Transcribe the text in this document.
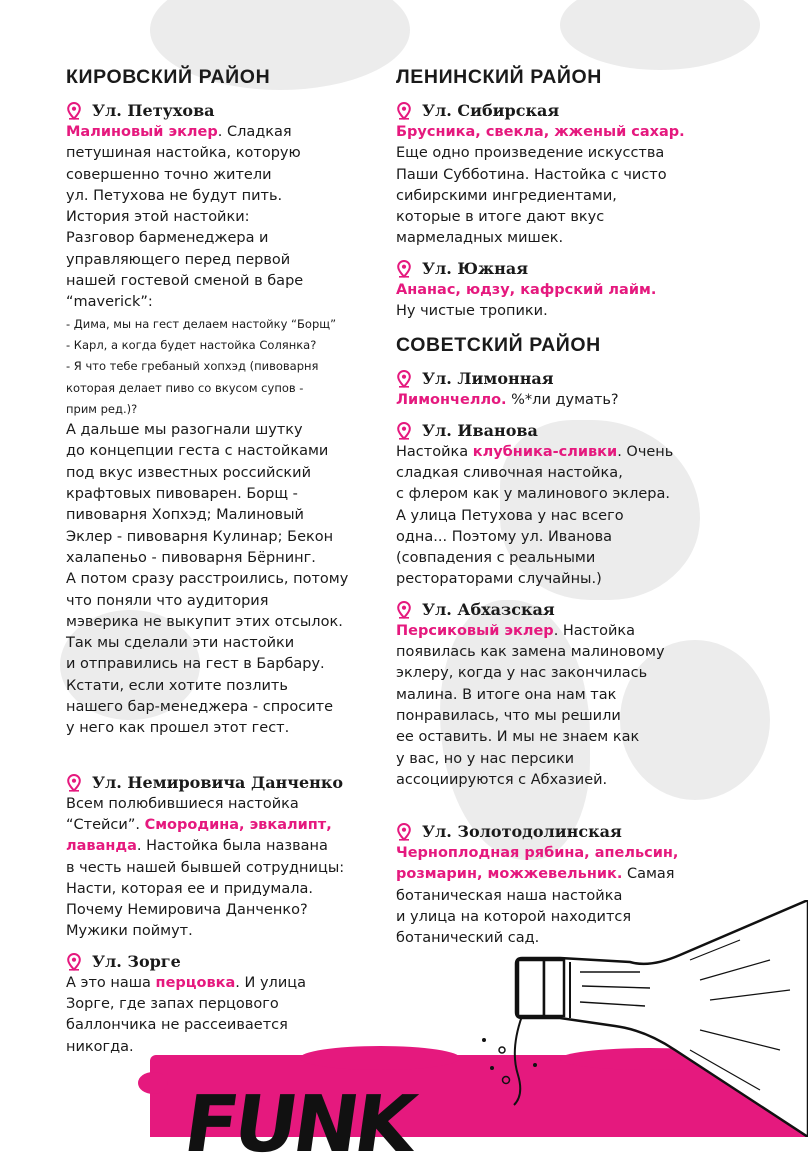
КИРОВСКИЙ РАЙОН
Ул. Петухова

Малиновый эклер. Сладкая

петушиная настойка, которую

совершенно точно жители

ул. Петухова не будут пить.

История этой настойки:

Разговор барменеджера и

управляющего перед первой

нашей гостевой сменой в баре

“maverick”:

- Дима, мы на гест делаем настойку “Борщ”

- Карл, а когда будет настойка Солянка?

- Я что тебе гребаный хопхэд (пивоварня

которая делает пиво со вкусом супов -

прим ред.)?

А дальше мы разогнали шутку

до концепции геста с настойками

под вкус известных российский

крафтовых пивоварен. Борщ -

пивоварня Хопхэд; Малиновый

Эклер - пивоварня Кулинар; Бекон

халапеньо - пивоварня Бёрнинг.

А потом сразу расстроились, потому

что поняли что аудитория

мэверика не выкупит этих отсылок.

Так мы сделали эти настойки

и отправились на гест в Барбару.

Кстати, если хотите позлить

нашего бар-менеджера - спросите

у него как прошел этот гест.

Ул. Немировича Данченко

Всем полюбившиеся настойка

“Стейси”. Смородина, эвкалипт,

лаванда. Настойка была названа

в честь нашей бывшей сотрудницы:

Насти, которая ее и придумала.

Почему Немировича Данченко?

Мужики поймут.

Ул. Зорге

А это наша перцовка. И улица

Зорге, где запах перцового

баллончика не рассеивается

никогда.

ЛЕНИНСКИЙ РАЙОН
Ул. Сибирская

Брусника, свекла, жженый сахар.

Еще одно произведение искусства

Паши Субботина. Настойка с чисто

сибирскими ингредиентами,

которые в итоге дают вкус

мармеладных мишек.

Ул. Южная

Ананас, юдзу, кафрский лайм.

Ну чистые тропики.

СОВЕТСКИЙ РАЙОН
Ул. Лимонная

Лимончелло. %*ли думать?

Ул. Иванова

Настойка клубника-сливки. Очень

сладкая сливочная настойка,

с флером как у малинового эклера.

А улица Петухова у нас всего

одна... Поэтому ул. Иванова

(совпадения с реальными

рестораторами случайны.)

Ул. Абхазская

Персиковый эклер. Настойка

появилась как замена малиновому

эклеру, когда у нас закончилась

малина. В итоге она нам так

понравилась, что мы решили

ее оставить. И мы не знаем как

у вас, но у нас персики

ассоциируются с Абхазией.

Ул. Золотодолинская

Черноплодная рябина, апельсин,

розмарин, можжевельник. Самая

ботаническая наша настойка

и улица на которой находится

ботанический сад.

FUNK
